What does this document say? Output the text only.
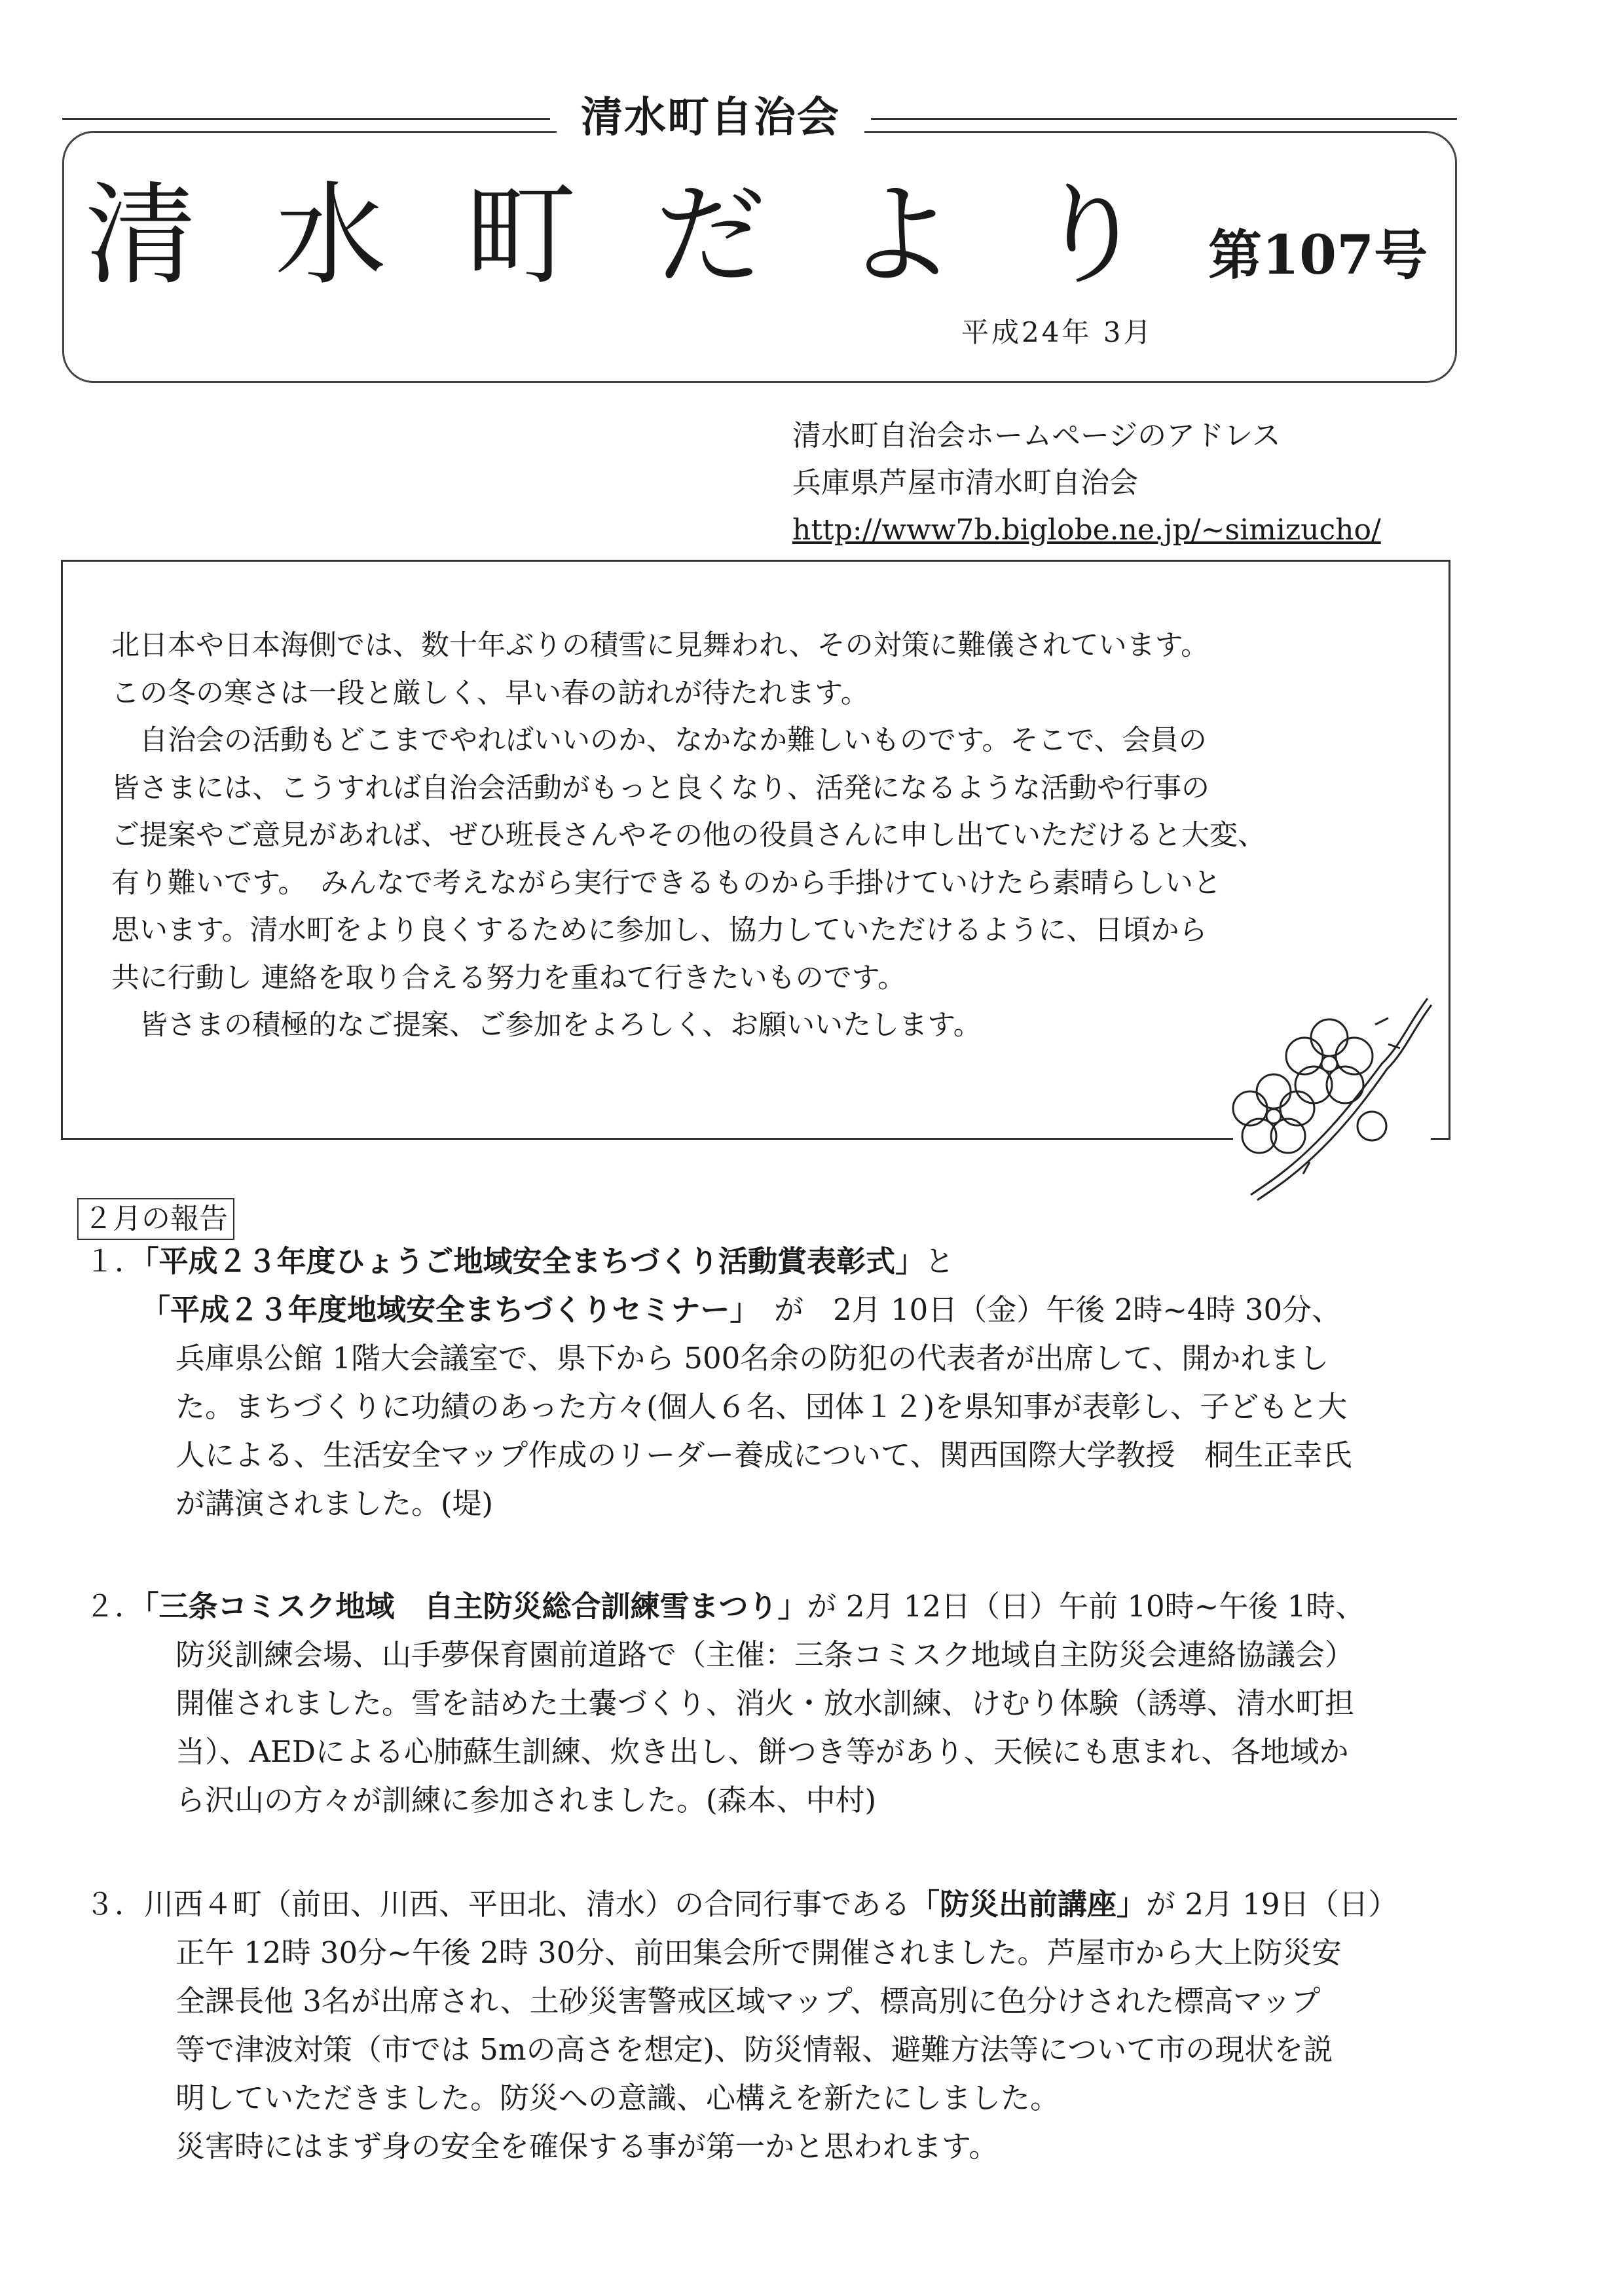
清水町自治会
清水町だより
第107号
平成24年 3月
清水町自治会ホームページのアドレス
兵庫県芦屋市清水町自治会
http://www7b.biglobe.ne.jp/~simizucho/

北日本や日本海側では、数十年ぶりの積雪に見舞われ、その対策に難儀されています。

この冬の寒さは一段と厳しく、早い春の訪れが待たれます。

　自治会の活動もどこまでやればいいのか、なかなか難しいものです。そこで、会員の

皆さまには、こうすれば自治会活動がもっと良くなり、活発になるような活動や行事の

ご提案やご意見があれば、ぜひ班長さんやその他の役員さんに申し出ていただけると大変、

有り難いです。　みんなで考えながら実行できるものから手掛けていけたら素晴らしいと

思います。清水町をより良くするために参加し、協力していただけるように、日頃から

共に行動し 連絡を取り合える努力を重ねて行きたいものです。

　皆さまの積極的なご提案、ご参加をよろしく、お願いいたします。

２月の報告
１．「平成２３年度ひょうご地域安全まちづくり活動賞表彰式」と
「平成２３年度地域安全まちづくりセミナー」　が　2月 10日（金）午後 2時~4時 30分、
兵庫県公館 1階大会議室で、県下から 500名余の防犯の代表者が出席して、開かれまし
た。まちづくりに功績のあった方々(個人６名、団体１２)を県知事が表彰し、子どもと大
人による、生活安全マップ作成のリーダー養成について、関西国際大学教授　桐生正幸氏
が講演されました。(堤)
２．「三条コミスク地域　自主防災総合訓練雪まつり」が 2月 12日（日）午前 10時~午後 1時、
防災訓練会場、山手夢保育園前道路で（主催：三条コミスク地域自主防災会連絡協議会）
開催されました。雪を詰めた土嚢づくり、消火・放水訓練、けむり体験（誘導、清水町担
当）、AEDによる心肺蘇生訓練、炊き出し、餅つき等があり、天候にも恵まれ、各地域か
ら沢山の方々が訓練に参加されました。(森本、中村)
３．川西４町（前田、川西、平田北、清水）の合同行事である「防災出前講座」が 2月 19日（日）
正午 12時 30分~午後 2時 30分、前田集会所で開催されました。芦屋市から大上防災安
全課長他 3名が出席され、土砂災害警戒区域マップ、標高別に色分けされた標高マップ
等で津波対策（市では 5mの高さを想定)、防災情報、避難方法等について市の現状を説
明していただきました。防災への意識、心構えを新たにしました。
災害時にはまず身の安全を確保する事が第一かと思われます。
